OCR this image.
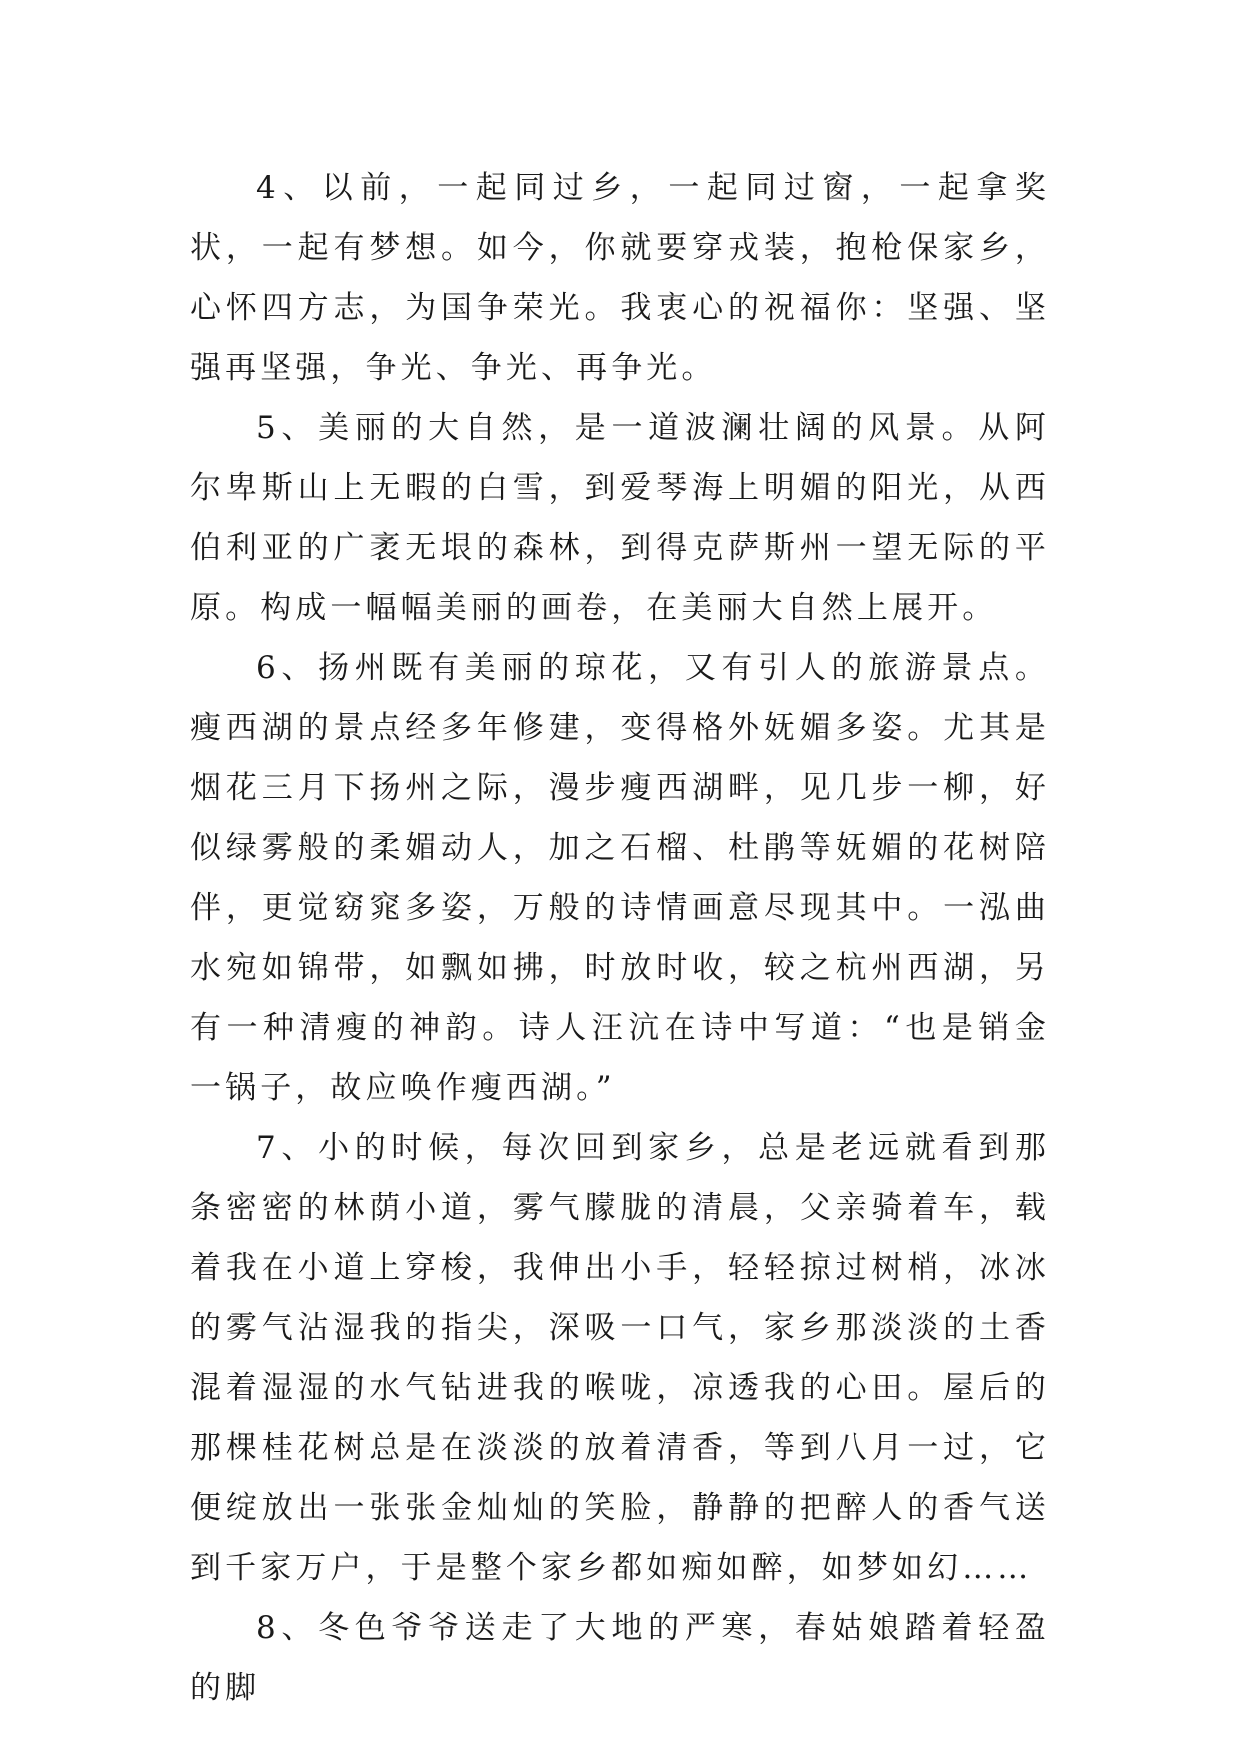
4、以前，一起同过乡，一起同过窗，一起拿奖状，一起有梦想。如今，你就要穿戎装，抱枪保家乡，心怀四方志，为国争荣光。我衷心的祝福你：坚强、坚强再坚强，争光、争光、再争光。

5、美丽的大自然，是一道波澜壮阔的风景。从阿尔卑斯山上无暇的白雪，到爱琴海上明媚的阳光，从西伯利亚的广袤无垠的森林，到得克萨斯州一望无际的平原。构成一幅幅美丽的画卷，在美丽大自然上展开。

6、扬州既有美丽的琼花，又有引人的旅游景点。瘦西湖的景点经多年修建，变得格外妩媚多姿。尤其是烟花三月下扬州之际，漫步瘦西湖畔，见几步一柳，好似绿雾般的柔媚动人，加之石榴、杜鹃等妩媚的花树陪伴，更觉窈窕多姿，万般的诗情画意尽现其中。一泓曲水宛如锦带，如飘如拂，时放时收，较之杭州西湖，另有一种清瘦的神韵。诗人汪沆在诗中写道：“也是销金一锅子，故应唤作瘦西湖。”

7、小的时候，每次回到家乡，总是老远就看到那条密密的林荫小道，雾气朦胧的清晨，父亲骑着车，载着我在小道上穿梭，我伸出小手，轻轻掠过树梢，冰冰的雾气沾湿我的指尖，深吸一口气，家乡那淡淡的土香混着湿湿的水气钻进我的喉咙，凉透我的心田。屋后的那棵桂花树总是在淡淡的放着清香，等到八月一过，它便绽放出一张张金灿灿的笑脸，静静的把醉人的香气送到千家万户，于是整个家乡都如痴如醉，如梦如幻……

8、冬色爷爷送走了大地的严寒，春姑娘踏着轻盈的脚
